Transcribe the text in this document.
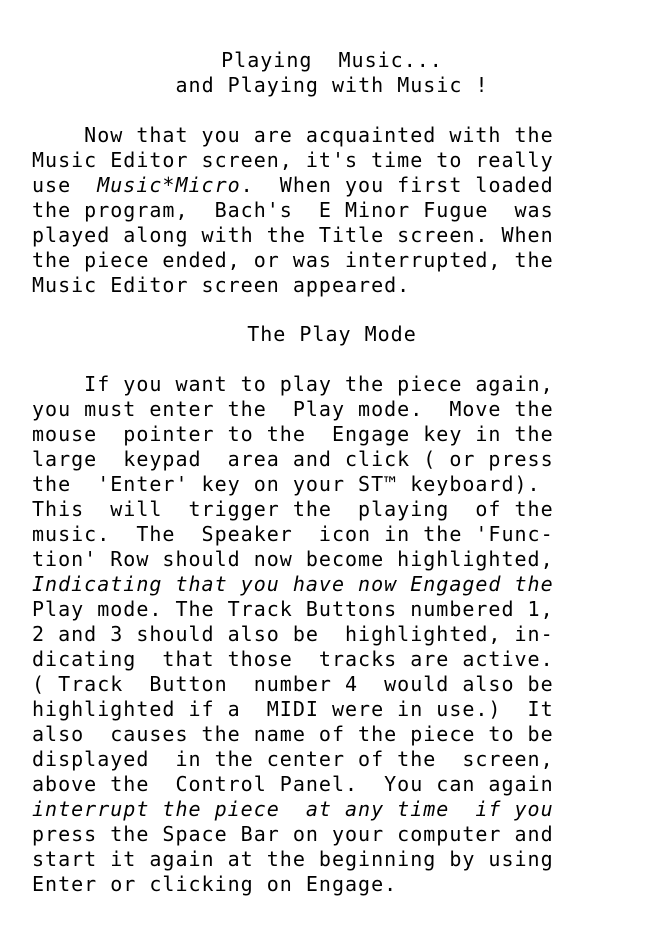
Playing  Music...
and Playing with Music !
Now that you are acquainted with the
Music Editor screen, it's time to really
use  Music*Micro.  When you first loaded
the program,  Bach's  E Minor Fugue  was
played along with the Title screen. When
the piece ended, or was interrupted, the
Music Editor screen appeared.
The Play Mode
If you want to play the piece again,
you must enter the  Play mode.  Move the
mouse  pointer to the  Engage key in the
large  keypad  area and click ( or press
the  'Enter' key on your ST™ keyboard).
This  will  trigger the  playing  of the
music.  The  Speaker  icon in the 'Func-
tion' Row should now become highlighted,
Indicating that you have now Engaged the
Play mode. The Track Buttons numbered 1,
2 and 3 should also be  highlighted, in-
dicating  that those  tracks are active.
( Track  Button  number 4  would also be
highlighted if a  MIDI were in use.)  It
also  causes the name of the piece to be
displayed  in the center of the  screen,
above the  Control Panel.  You can again
interrupt the piece  at any time  if you
press the Space Bar on your computer and
start it again at the beginning by using
Enter or clicking on Engage.
